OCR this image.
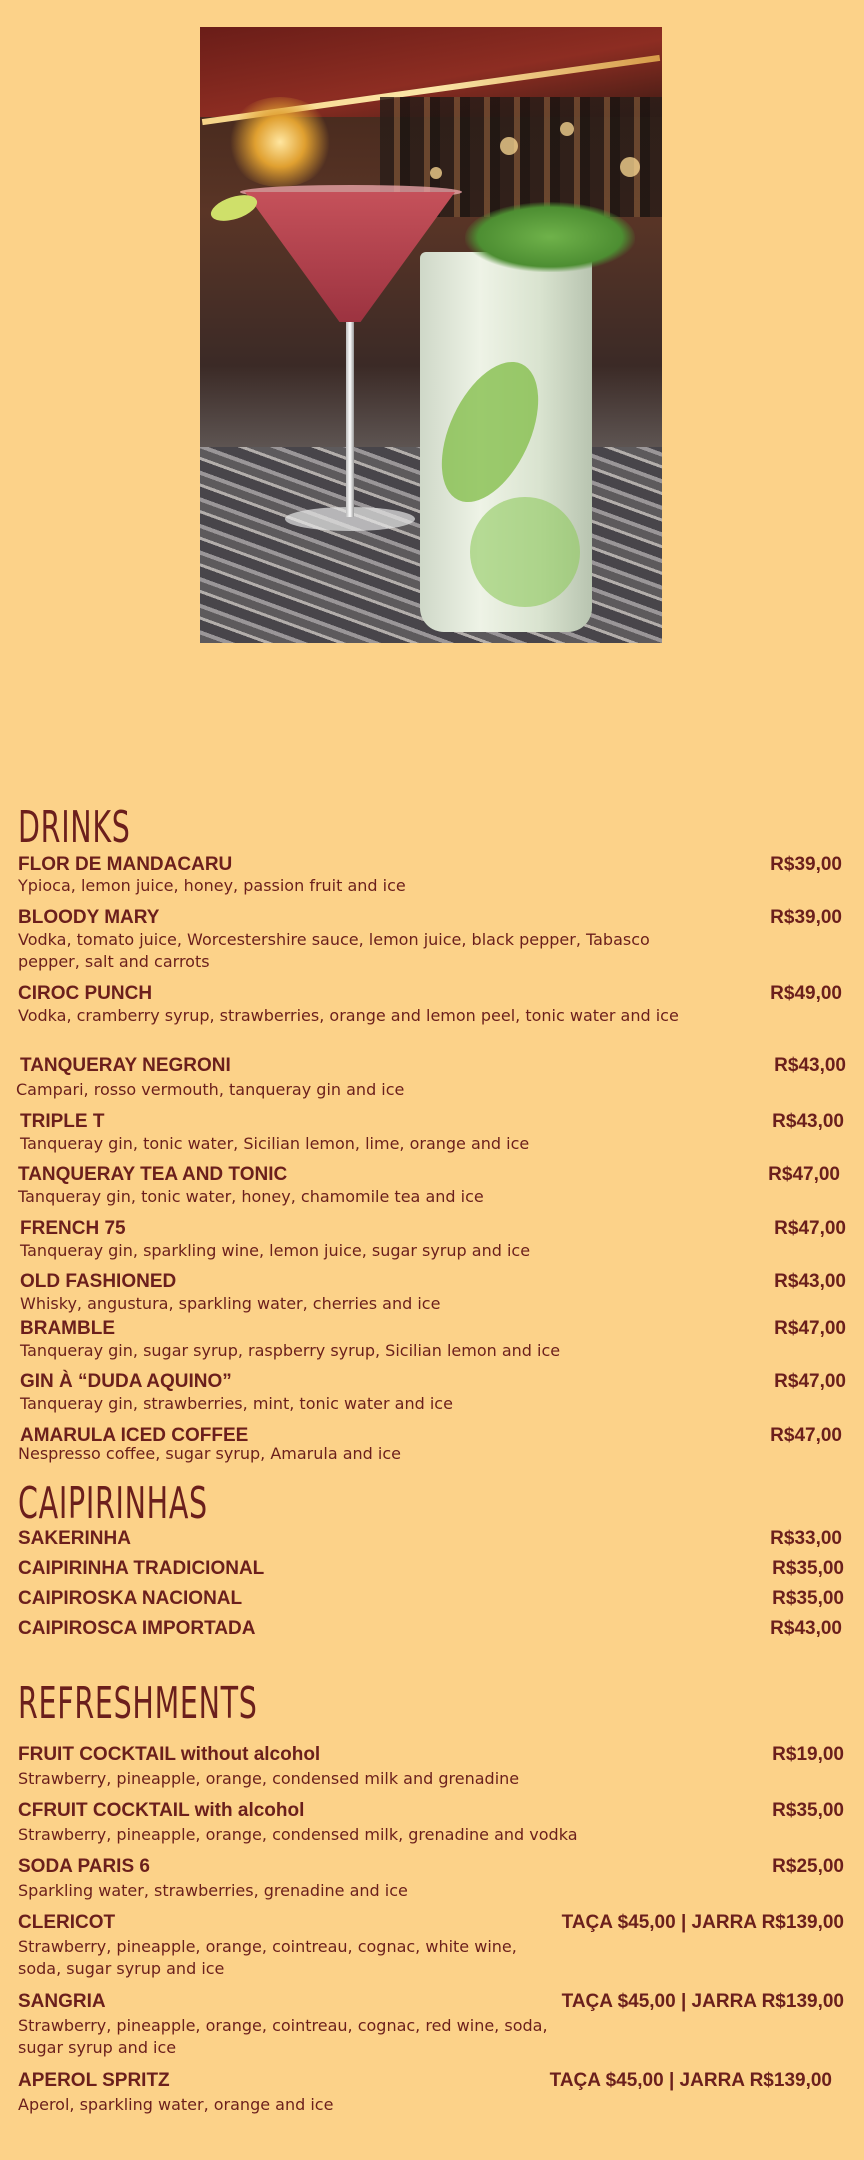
DRINKS
FLOR DE MANDACARU	R$39,00
Ypioca, lemon juice, honey, passion fruit and ice
BLOODY MARY	R$39,00
Vodka, tomato juice, Worcestershire sauce, lemon juice, black pepper, Tabasco pepper, salt and carrots
CIROC PUNCH	R$49,00
Vodka, cramberry syrup, strawberries, orange and lemon peel, tonic water and ice
TANQUERAY NEGRONI	R$43,00
Campari, rosso vermouth, tanqueray gin and ice
TRIPLE T	R$43,00
Tanqueray gin, tonic water, Sicilian lemon, lime, orange and ice
TANQUERAY TEA AND TONIC	R$47,00
Tanqueray gin, tonic water, honey, chamomile tea and ice
FRENCH 75	R$47,00
Tanqueray gin, sparkling wine, lemon juice, sugar syrup and ice
OLD FASHIONED	R$43,00
Whisky, angustura, sparkling water, cherries and ice
BRAMBLE	R$47,00
Tanqueray gin, sugar syrup, raspberry syrup, Sicilian lemon and ice
GIN À “DUDA AQUINO”	R$47,00
Tanqueray gin, strawberries, mint, tonic water and ice
AMARULA ICED COFFEE	R$47,00
Nespresso coffee, sugar syrup, Amarula and ice
CAIPIRINHAS
SAKERINHA	R$33,00
CAIPIRINHA TRADICIONAL	R$35,00
CAIPIROSKA NACIONAL	R$35,00
CAIPIROSCA IMPORTADA	R$43,00
REFRESHMENTS
FRUIT COCKTAIL without alcohol	R$19,00
Strawberry, pineapple, orange, condensed milk and grenadine
CFRUIT COCKTAIL with alcohol	R$35,00
Strawberry, pineapple, orange, condensed milk, grenadine and vodka
SODA PARIS 6	R$25,00
Sparkling water, strawberries, grenadine and ice
CLERICOT	TAÇA $45,00 | JARRA R$139,00
Strawberry, pineapple, orange, cointreau, cognac, white wine, soda, sugar syrup and ice
SANGRIA	TAÇA $45,00 | JARRA R$139,00
Strawberry, pineapple, orange, cointreau, cognac, red wine, soda, sugar syrup and ice
APEROL SPRITZ	TAÇA $45,00 | JARRA R$139,00
Aperol, sparkling water, orange and ice
